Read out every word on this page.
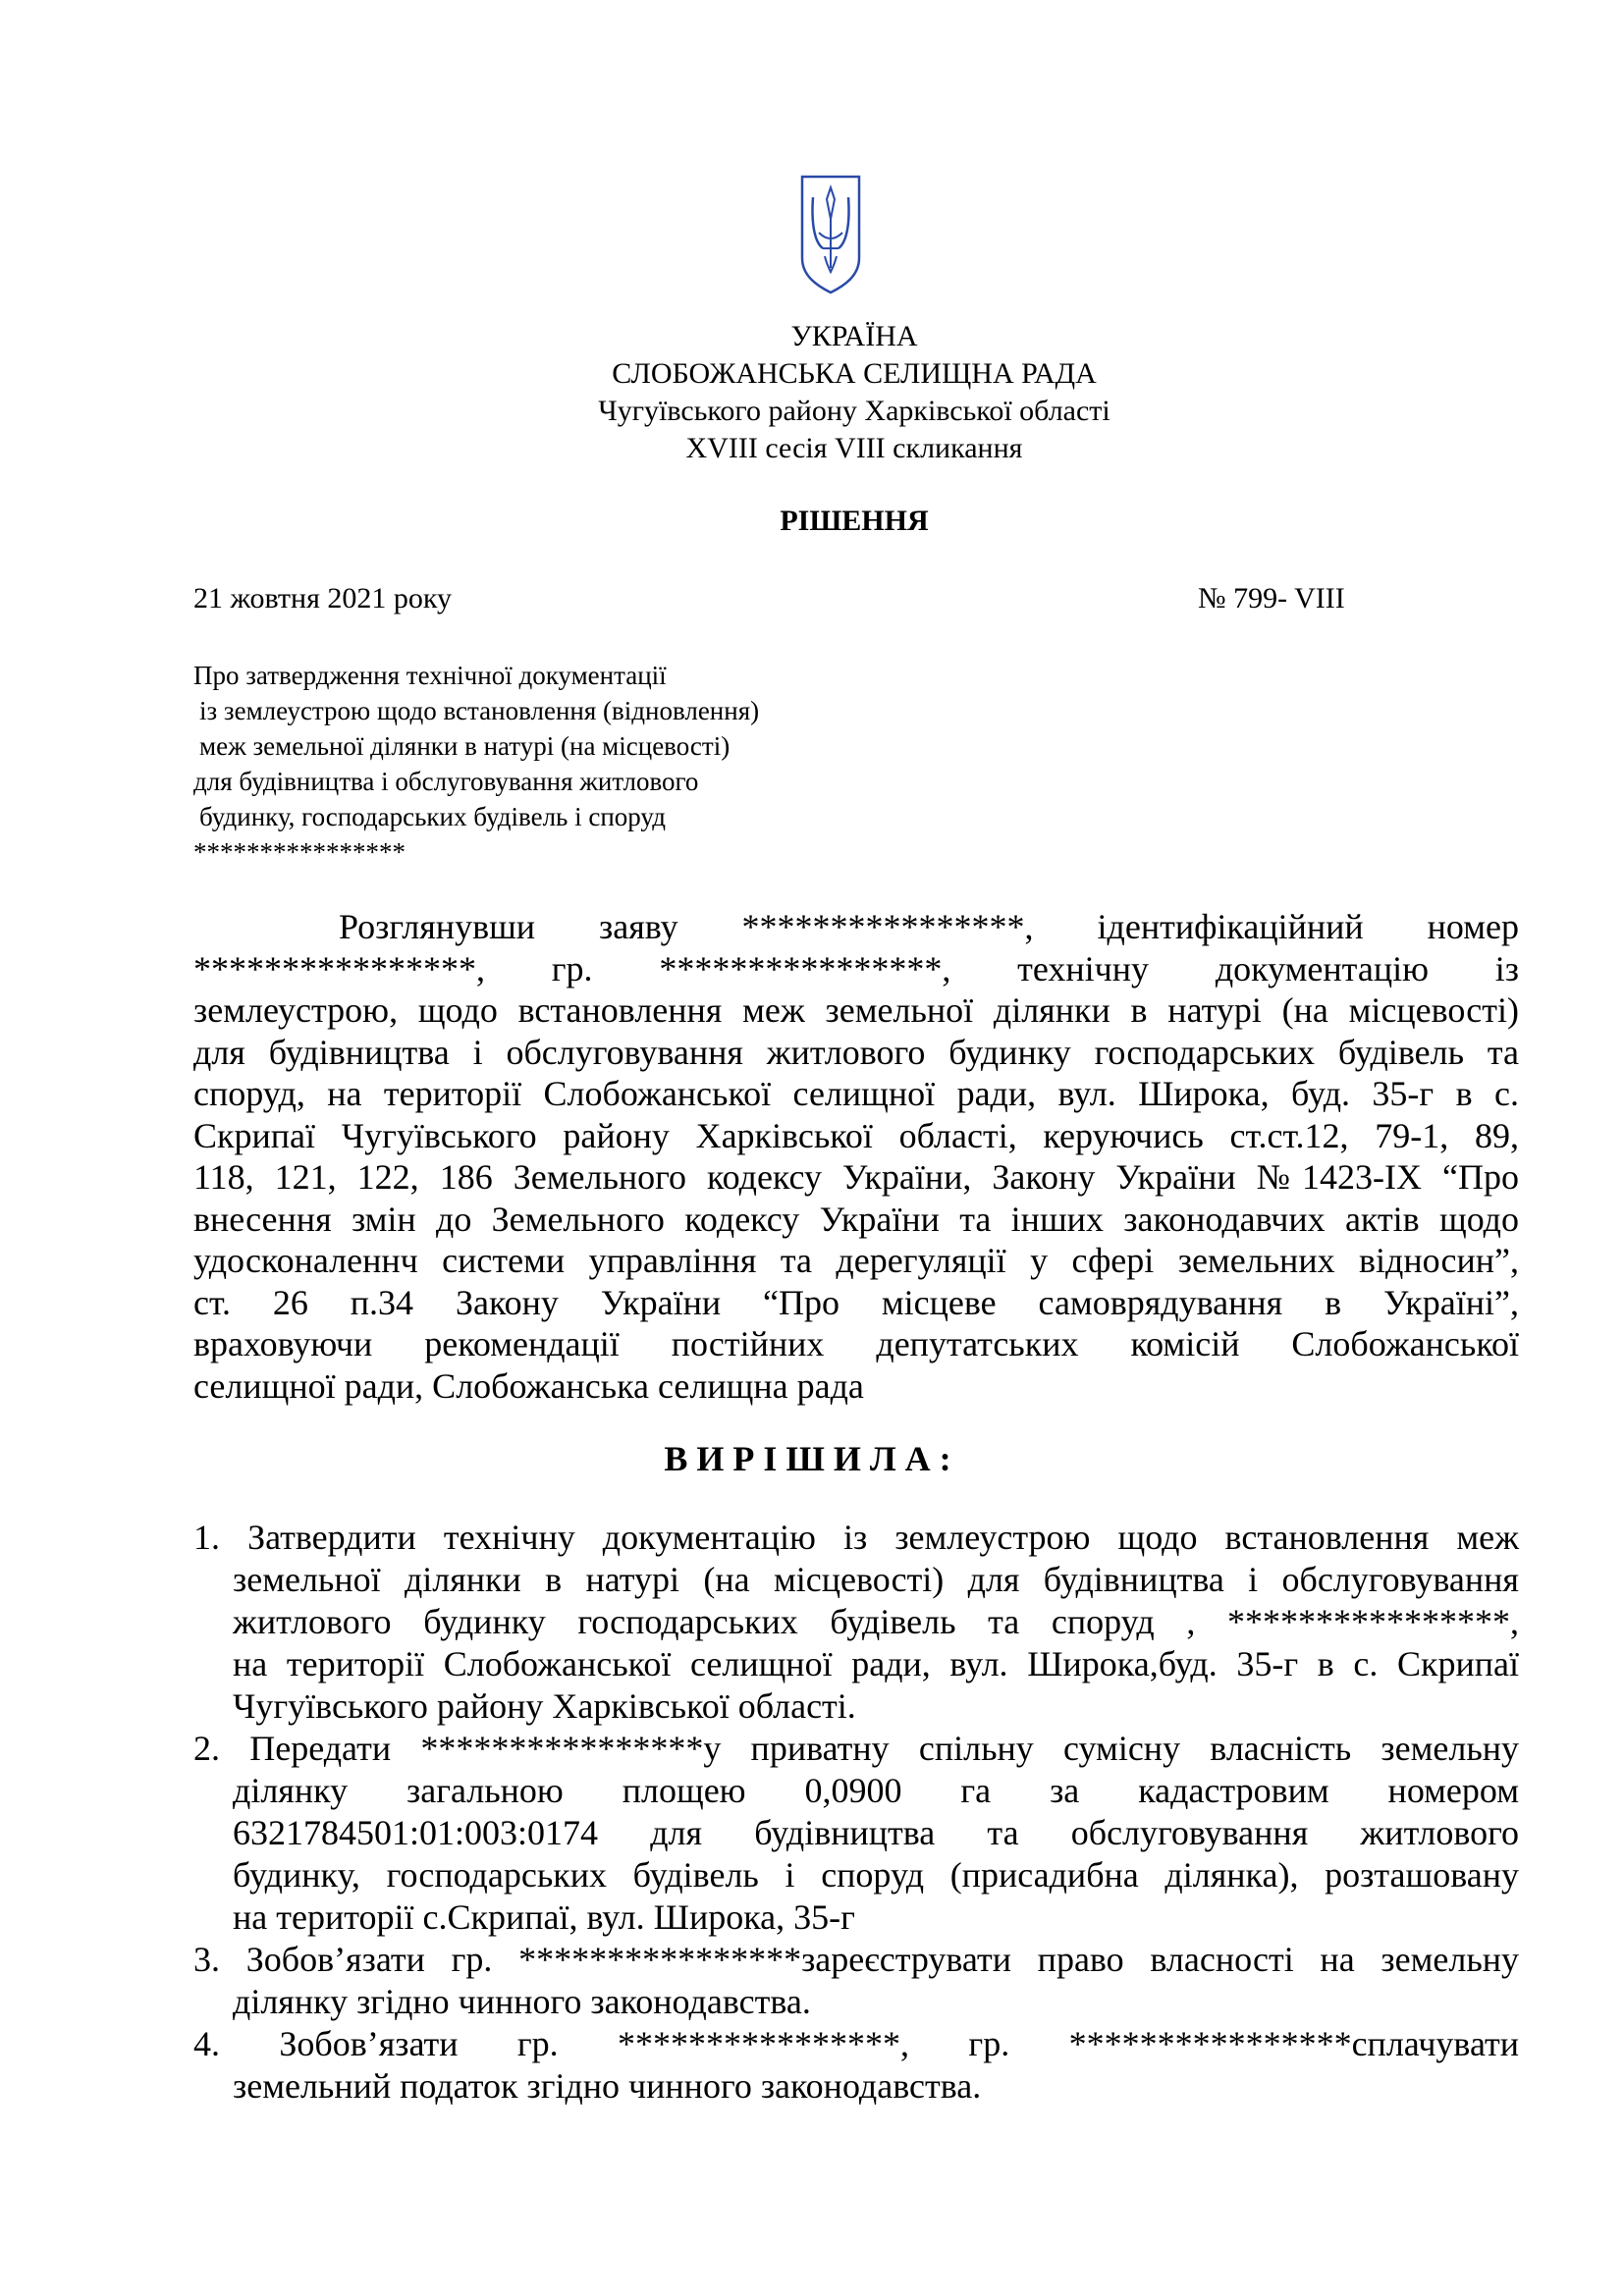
УКРАЇНА
СЛОБОЖАНСЬКА СЕЛИЩНА РАДА
Чугуївського району Харківської області
XVIII сесія VIII скликання
РІШЕННЯ
21 жовтня 2021 року	№ 799- VIII
Про затвердження технічної документації
із землеустрою щодо встановлення (відновлення)
меж земельної ділянки в натурі (на місцевості)
для будівництва і обслуговування житлового
будинку, господарських будівель і споруд
****************
Розглянувши заяву ****************, ідентифікаційний номер
****************, гр. ****************, технічну документацію із
землеустрою, щодо встановлення меж земельної ділянки в натурі (на місцевості)
для будівництва і обслуговування житлового будинку господарських будівель та
споруд, на території Слобожанської селищної ради, вул. Широка, буд. 35-г в с.
Скрипаї Чугуївського району Харківської області, керуючись ст.ст.12, 79-1, 89,
118, 121, 122, 186 Земельного кодексу України, Закону України №1423-IX “Про
внесення змін до Земельного кодексу України та інших законодавчих актів щодо
удосконаленнч системи управління та дерегуляції у сфері земельних відносин”,
ст. 26 п.34 Закону України “Про місцеве самоврядування в Україні”,
враховуючи рекомендації постійних депутатських комісій Слобожанської
селищної ради, Слобожанська селищна рада
ВИРІШИЛА:
1. Затвердити технічну документацію із землеустрою щодо встановлення меж
земельної ділянки в натурі (на місцевості) для будівництва і обслуговування
житлового будинку господарських будівель та споруд , ****************,
на території Слобожанської селищної ради, вул. Широка,буд. 35-г в с. Скрипаї
Чугуївського району Харківської області.
2. Передати ****************у приватну спільну сумісну власність земельну
ділянку загальною площею 0,0900 га за кадастровим номером
6321784501:01:003:0174 для будівництва та обслуговування житлового
будинку, господарських будівель і споруд (присадибна ділянка), розташовану
на території с.Скрипаї, вул. Широка, 35-г
3. Зобов’язати гр. ****************зареєструвати право власності на земельну
ділянку згідно чинного законодавства.
4. Зобов’язати гр. ****************, гр. ****************сплачувати
земельний податок згідно чинного законодавства.
